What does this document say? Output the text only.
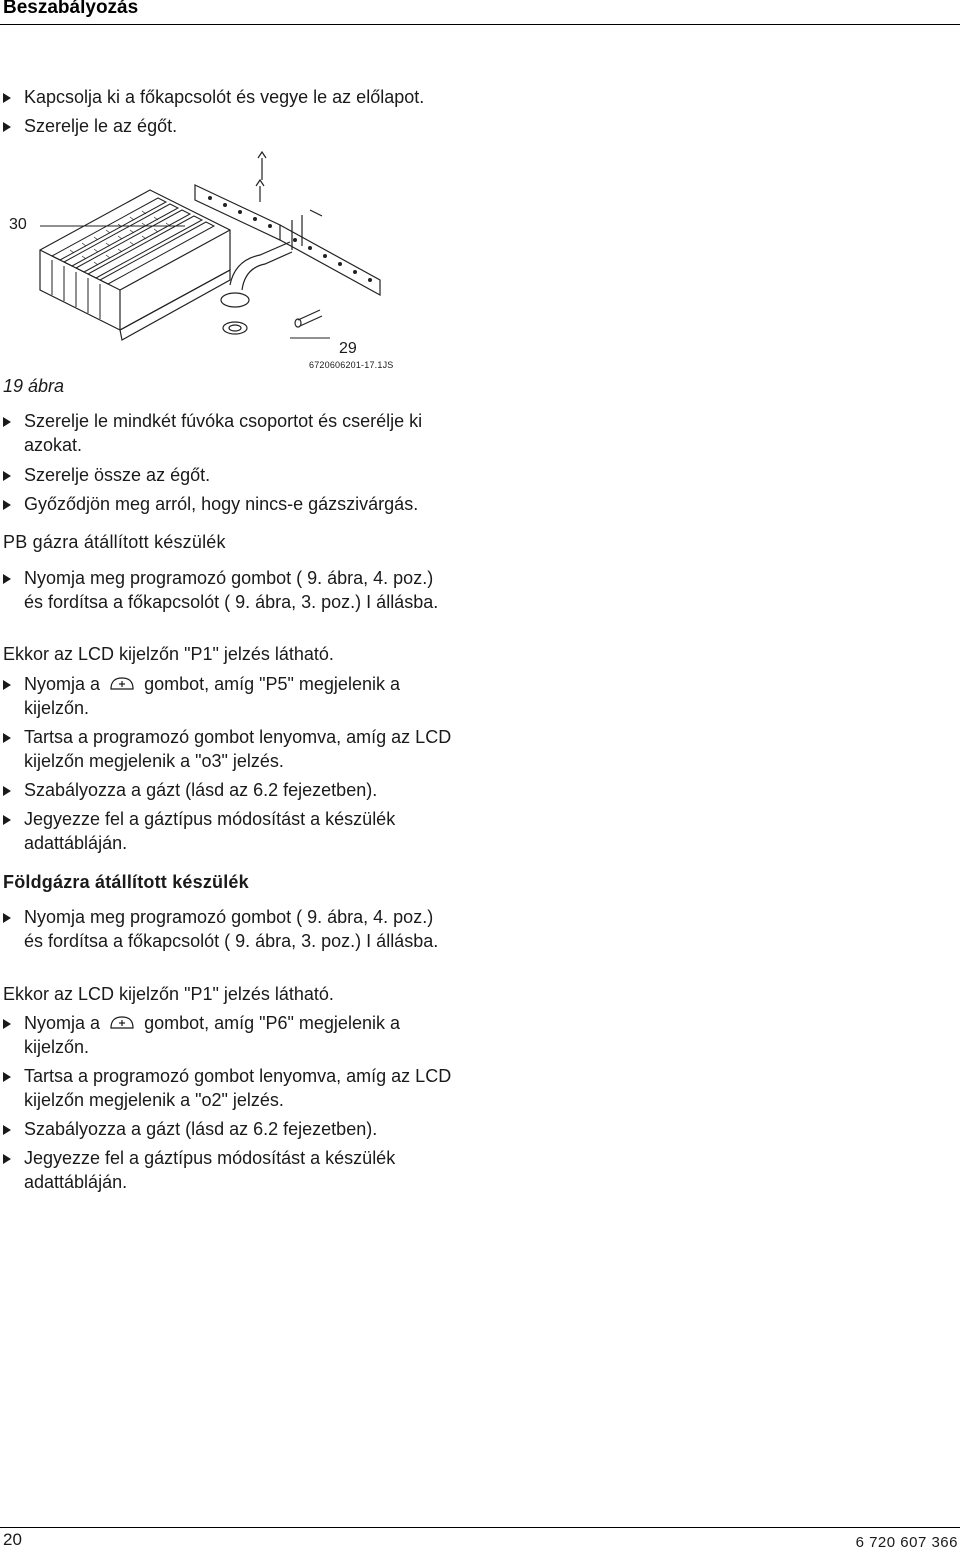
Beszabályozás
Kapcsolja ki a főkapcsolót és vegye le az előlapot.
Szerelje le az égőt.
30
29
6720606201-17.1JS
19 ábra
Szerelje le mindkét fúvóka csoportot és cserélje ki azokat.
Szerelje össze az égőt.
Győződjön meg arról, hogy nincs-e gázszivárgás.
PB gázra átállított készülék
Nyomja meg programozó gombot ( 9. ábra, 4. poz.) és fordítsa a főkapcsolót ( 9. ábra, 3. poz.) I állásba.
Ekkor az LCD kijelzőn "P1" jelzés látható.
Nyomja a gombot, amíg "P5" megjelenik a kijelzőn.
Tartsa a programozó gombot lenyomva, amíg az LCD kijelzőn megjelenik a "o3" jelzés.
Szabályozza a gázt (lásd az 6.2 fejezetben).
Jegyezze fel a gáztípus módosítást a készülék adattábláján.
Földgázra átállított készülék
Nyomja meg programozó gombot ( 9. ábra, 4. poz.) és fordítsa a főkapcsolót ( 9. ábra, 3. poz.) I állásba.
Ekkor az LCD kijelzőn "P1" jelzés látható.
Nyomja a gombot, amíg "P6" megjelenik a kijelzőn.
Tartsa a programozó gombot lenyomva, amíg az LCD kijelzőn megjelenik a "o2" jelzés.
Szabályozza a gázt (lásd az 6.2 fejezetben).
Jegyezze fel a gáztípus módosítást a készülék adattábláján.
20	6 720 607 366
